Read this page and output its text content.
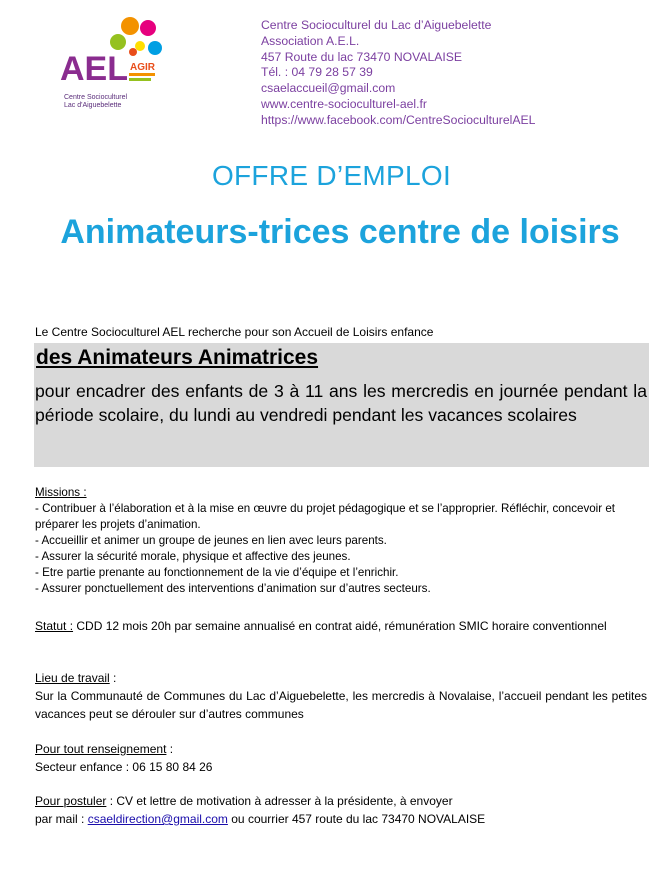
AEL AGIR
Centre Socioculturel
Lac d'Aiguebelette
Centre Socioculturel du Lac d’Aiguebelette
Association A.E.L.
457 Route du lac 73470 NOVALAISE
Tél. : 04 79 28 57 39
csaelaccueil@gmail.com
www.centre-socioculturel-ael.fr
https://www.facebook.com/CentreSocioculturelAEL
OFFRE D’EMPLOI
Animateurs-trices centre de loisirs
Le Centre Socioculturel AEL recherche pour son Accueil de Loisirs enfance
des Animateurs Animatrices
pour encadrer des enfants de 3 à 11 ans les mercredis en journée pendant la période scolaire, du lundi au vendredi pendant les vacances scolaires
Missions :
- Contribuer à l’élaboration et à la mise en œuvre du projet pédagogique et se l’approprier. Réfléchir, concevoir et préparer les projets d’animation.
- Accueillir et animer un groupe de jeunes en lien avec leurs parents.
- Assurer la sécurité morale, physique et affective des jeunes.
- Etre partie prenante au fonctionnement de la vie d’équipe et l’enrichir.
- Assurer ponctuellement des interventions d’animation sur d’autres secteurs.
Statut : CDD 12 mois 20h par semaine annualisé en contrat aidé, rémunération SMIC horaire conventionnel
Lieu de travail :
Sur la Communauté de Communes du Lac d’Aiguebelette, les mercredis à Novalaise, l’accueil pendant les petites vacances peut se dérouler sur d’autres communes
Pour tout renseignement :
Secteur enfance : 06 15 80 84 26
Pour postuler : CV et lettre de motivation à adresser à la présidente, à envoyer
par mail : csaeldirection@gmail.com ou courrier 457 route du lac 73470 NOVALAISE
